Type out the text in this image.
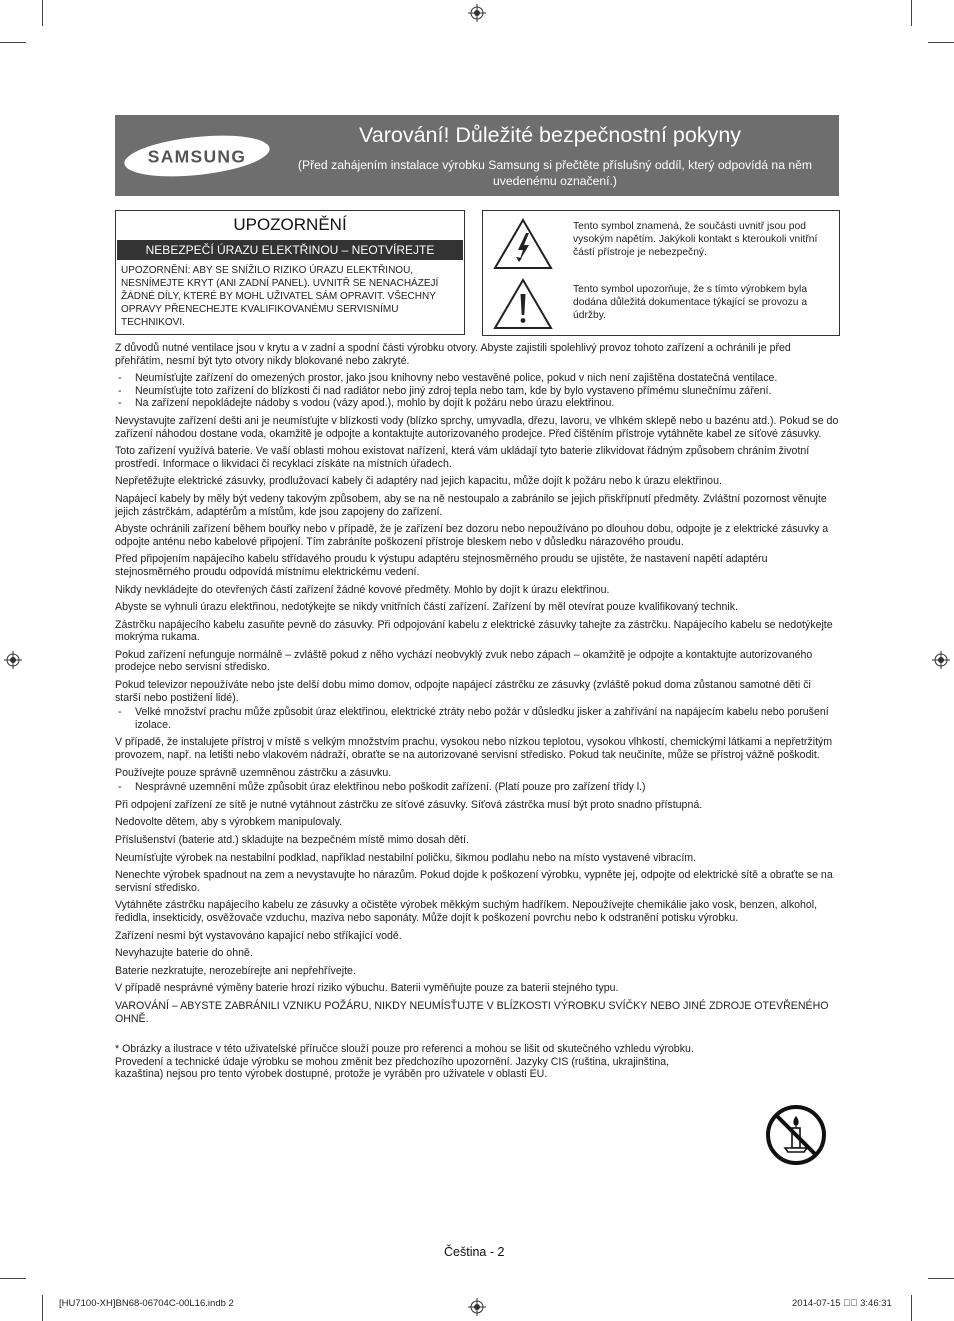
SAMSUNG
Varování! Důležité bezpečnostní pokyny
(Před zahájením instalace výrobku Samsung si přečtěte příslušný oddíl, který odpovídá na něm uvedenému označení.)
UPOZORNĚNÍ
NEBEZPEČÍ ÚRAZU ELEKTŘINOU – NEOTVÍREJTE
UPOZORNĚNÍ: ABY SE SNÍŽILO RIZIKO ÚRAZU ELEKTŘINOU, NESNÍMEJTE KRYT (ANI ZADNÍ PANEL). UVNITŘ SE NENACHÁZEJÍ ŽÁDNÉ DÍLY, KTERÉ BY MOHL UŽIVATEL SÁM OPRAVIT. VŠECHNY OPRAVY PŘENECHEJTE KVALIFIKOVANÉMU SERVISNÍMU TECHNIKOVI.
Tento symbol znamená, že součásti uvnitř jsou pod vysokým napětím. Jakýkoli kontakt s kteroukoli vnitřní částí přístroje je nebezpečný.
Tento symbol upozorňuje, že s tímto výrobkem byla dodána důležitá dokumentace týkající se provozu a údržby.

Z důvodů nutné ventilace jsou v krytu a v zadní a spodní části výrobku otvory. Abyste zajistili spolehlivý provoz tohoto zařízení a ochránili je před přehřátím, nesmí být tyto otvory nikdy blokované nebo zakryté.

- Neumísťujte zařízení do omezených prostor, jako jsou knihovny nebo vestavěné police, pokud v nich není zajištěna dostatečná ventilace.

- Neumísťujte toto zařízení do blízkosti či nad radiátor nebo jiný zdroj tepla nebo tam, kde by bylo vystaveno přímému slunečnímu záření.

- Na zařízení nepokládejte nádoby s vodou (vázy apod.), mohlo by dojít k požáru nebo úrazu elektřinou.

Nevystavujte zařízení dešti ani je neumísťujte v blízkosti vody (blízko sprchy, umyvadla, dřezu, lavoru, ve vlhkém sklepě nebo u bazénu atd.). Pokud se do zařízení náhodou dostane voda, okamžitě je odpojte a kontaktujte autorizovaného prodejce. Před čištěním přístroje vytáhněte kabel ze síťové zásuvky.

Toto zařízení využívá baterie. Ve vaší oblasti mohou existovat nařízení, která vám ukládají tyto baterie zlikvidovat řádným způsobem chráním životní prostředí. Informace o likvidaci či recyklaci získáte na místních úřadech.

Nepřetěžujte elektrické zásuvky, prodlužovací kabely či adaptéry nad jejich kapacitu, může dojít k požáru nebo k úrazu elektřinou.

Napájecí kabely by měly být vedeny takovým způsobem, aby se na ně nestoupalo a zabránilo se jejich přiskřípnutí předměty. Zvláštní pozornost věnujte jejich zástrčkám, adaptérům a místům, kde jsou zapojeny do zařízení.

Abyste ochránili zařízení během bouřky nebo v případě, že je zařízení bez dozoru nebo nepoužíváno po dlouhou dobu, odpojte je z elektrické zásuvky a odpojte anténu nebo kabelové připojení. Tím zabráníte poškození přístroje bleskem nebo v důsledku nárazového proudu.

Před připojením napájecího kabelu střídavého proudu k výstupu adaptéru stejnosměrného proudu se ujistěte, že nastavení napětí adaptéru stejnosměrného proudu odpovídá místnímu elektrickému vedení.

Nikdy nevkládejte do otevřených částí zařízení žádné kovové předměty. Mohlo by dojít k úrazu elektřinou.

Abyste se vyhnuli úrazu elektřinou, nedotýkejte se nikdy vnitřních částí zařízení. Zařízení by měl otevírat pouze kvalifikovaný technik.

Zástrčku napájecího kabelu zasuňte pevně do zásuvky. Při odpojování kabelu z elektrické zásuvky tahejte za zástrčku. Napájecího kabelu se nedotýkejte mokrýma rukama.

Pokud zařízení nefunguje normálně – zvláště pokud z něho vychází neobvyklý zvuk nebo zápach – okamžitě je odpojte a kontaktujte autorizovaného prodejce nebo servisní středisko.

Pokud televizor nepoužíváte nebo jste delší dobu mimo domov, odpojte napájecí zástrčku ze zásuvky (zvláště pokud doma zůstanou samotné děti či starší nebo postižení lidé).

- Velké množství prachu může způsobit úraz elektřinou, elektrické ztráty nebo požár v důsledku jisker a zahřívání na napájecím kabelu nebo porušení izolace.

V případě, že instalujete přístroj v místě s velkým množstvím prachu, vysokou nebo nízkou teplotou, vysokou vlhkostí, chemickými látkami a nepřetržitým provozem, např. na letišti nebo vlakovém nádraží, obraťte se na autorizované servisní středisko. Pokud tak neučiníte, může se přístroj vážně poškodit.

Používejte pouze správně uzemněnou zástrčku a zásuvku.

- Nesprávné uzemnění může způsobit úraz elektřinou nebo poškodit zařízení. (Platí pouze pro zařízení třídy l.)

Při odpojení zařízení ze sítě je nutné vytáhnout zástrčku ze síťové zásuvky. Síťová zástrčka musí být proto snadno přístupná.

Nedovolte dětem, aby s výrobkem manipulovaly.

Příslušenství (baterie atd.) skladujte na bezpečném místě mimo dosah dětí.

Neumísťujte výrobek na nestabilní podklad, například nestabilní poličku, šikmou podlahu nebo na místo vystavené vibracím.

Nenechte výrobek spadnout na zem a nevystavujte ho nárazům. Pokud dojde k poškození výrobku, vypněte jej, odpojte od elektrické sítě a obraťte se na servisní středisko.

Vytáhněte zástrčku napájecího kabelu ze zásuvky a očistěte výrobek měkkým suchým hadříkem. Nepoužívejte chemikálie jako vosk, benzen, alkohol, ředidla, insekticidy, osvěžovače vzduchu, maziva nebo saponáty. Může dojít k poškození povrchu nebo k odstranění potisku výrobku.

Zařízení nesmí být vystavováno kapající nebo stříkající vodě.

Nevyhazujte baterie do ohně.

Baterie nezkratujte, nerozebírejte ani nepřehřívejte.

V případě nesprávné výměny baterie hrozí riziko výbuchu. Baterii vyměňujte pouze za baterii stejného typu.

VAROVÁNÍ – ABYSTE ZABRÁNILI VZNIKU POŽÁRU, NIKDY NEUMÍSŤUJTE V BLÍZKOSTI VÝROBKU SVÍČKY NEBO JINÉ ZDROJE OTEVŘENÉHO OHNĚ.

* Obrázky a ilustrace v této uživatelské příručce slouží pouze pro referenci a mohou se lišit od skutečného vzhledu výrobku. Provedení a technické údaje výrobku se mohou změnit bez předchozího upozornění. Jazyky CIS (ruština, ukrajinština, kazaština) nejsou pro tento výrobek dostupné, protože je vyráběn pro uživatele v oblasti EU.

Čeština - 2
[HU7100-XH]BN68-06704C-00L16.indb 2	2014-07-15 ￿￿ 3:46:31
